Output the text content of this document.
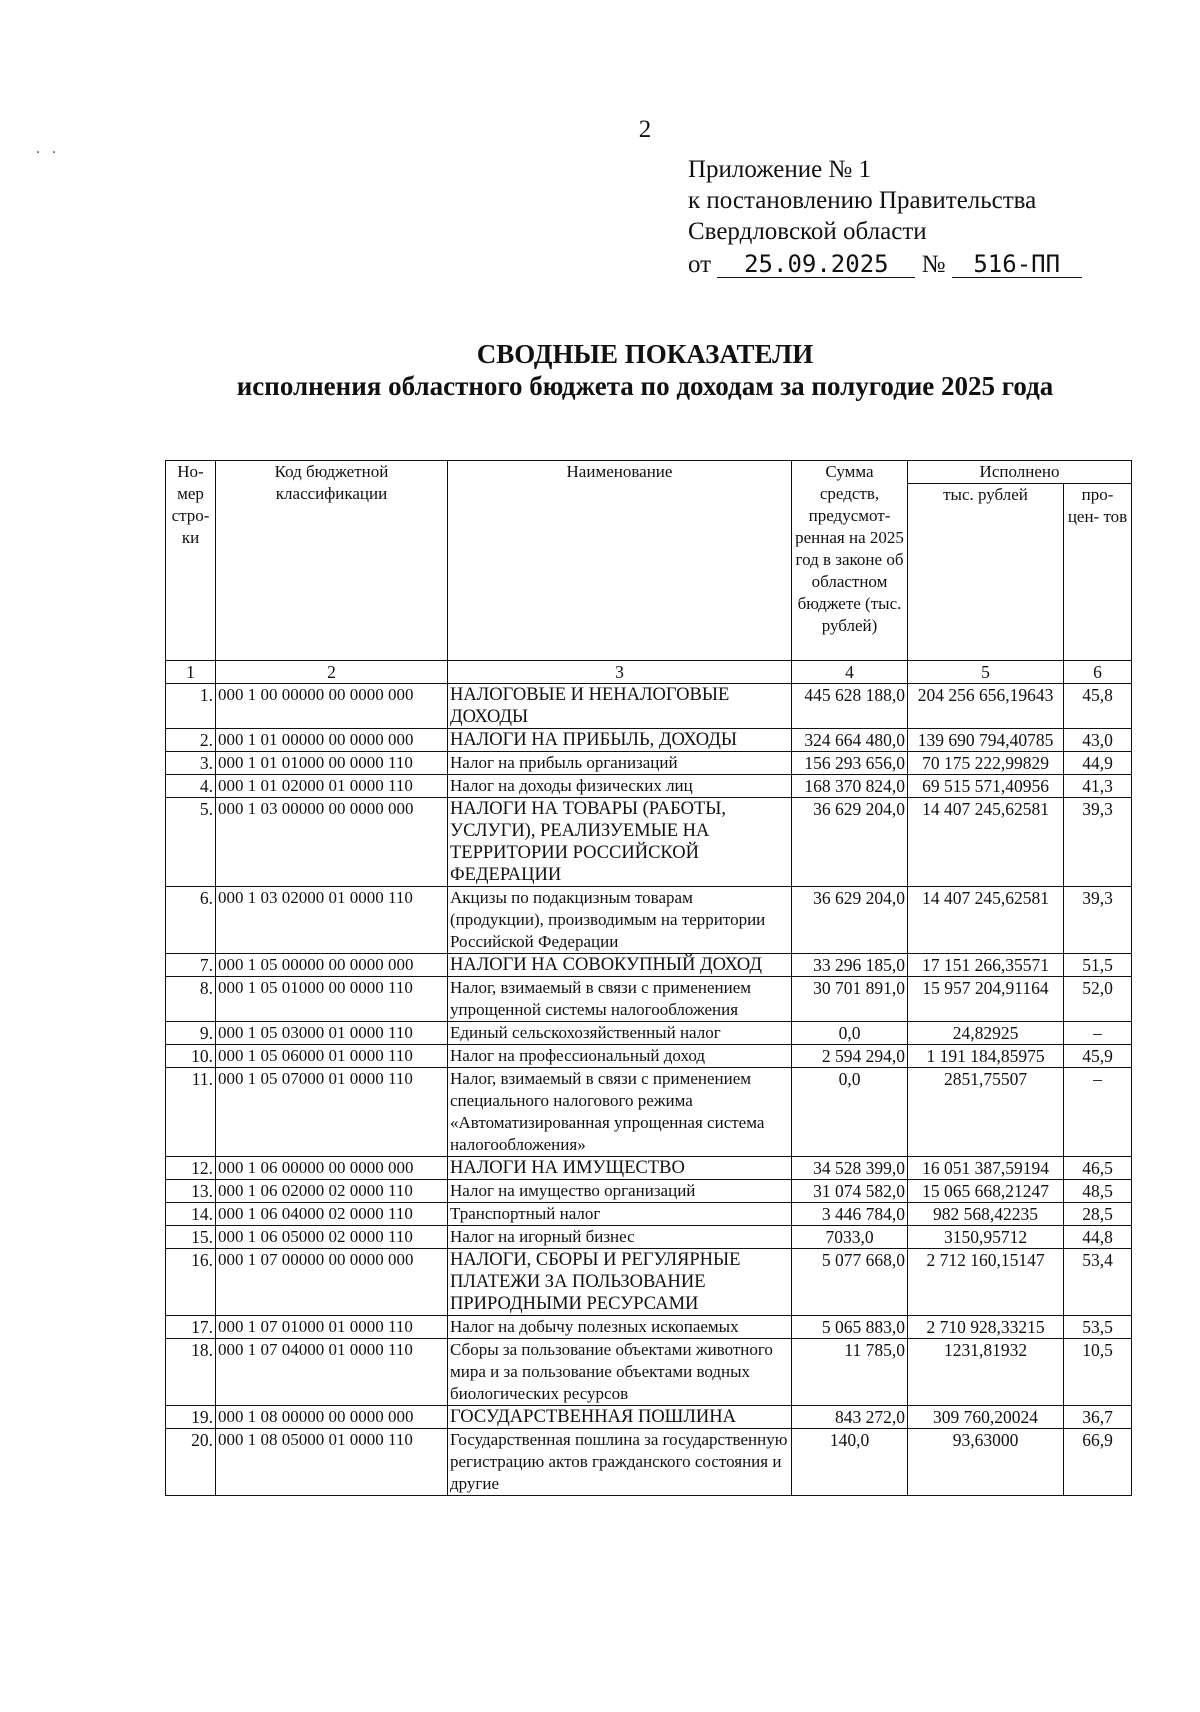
2
. .
Приложение № 1
к постановлению Правительства
Свердловской области
от 25.09.2025 № 516-ПП
СВОДНЫЕ ПОКАЗАТЕЛИ
исполнения областного бюджета по доходам за полугодие 2025 года
Но- мер стро- ки	Код бюджетной классификации	Наименование	Сумма средств, предусмот- ренная на 2025 год в законе об областном бюджете (тыс. рублей)	Исполнено	
				тыс. рублей	про- цен- тов
1	2	3	4	5	6
1.	000 1 00 00000 00 0000 000	НАЛОГОВЫЕ И НЕНАЛОГОВЫЕ ДОХОДЫ	445 628 188,0	204 256 656,19643	45,8
2.	000 1 01 00000 00 0000 000	НАЛОГИ НА ПРИБЫЛЬ, ДОХОДЫ	324 664 480,0	139 690 794,40785	43,0
3.	000 1 01 01000 00 0000 110	Налог на прибыль организаций	156 293 656,0	70 175 222,99829	44,9
4.	000 1 01 02000 01 0000 110	Налог на доходы физических лиц	168 370 824,0	69 515 571,40956	41,3
5.	000 1 03 00000 00 0000 000	НАЛОГИ НА ТОВАРЫ (РАБОТЫ, УСЛУГИ), РЕАЛИЗУЕМЫЕ НА ТЕРРИТОРИИ РОССИЙСКОЙ ФЕДЕРАЦИИ	36 629 204,0	14 407 245,62581	39,3
6.	000 1 03 02000 01 0000 110	Акцизы по подакцизным товарам (продукции), производимым на территории Российской Федерации	36 629 204,0	14 407 245,62581	39,3
7.	000 1 05 00000 00 0000 000	НАЛОГИ НА СОВОКУПНЫЙ ДОХОД	33 296 185,0	17 151 266,35571	51,5
8.	000 1 05 01000 00 0000 110	Налог, взимаемый в связи с применением упрощенной системы налогообложения	30 701 891,0	15 957 204,91164	52,0
9.	000 1 05 03000 01 0000 110	Единый сельскохозяйственный налог	0,0	24,82925	–
10.	000 1 05 06000 01 0000 110	Налог на профессиональный доход	2 594 294,0	1 191 184,85975	45,9
11.	000 1 05 07000 01 0000 110	Налог, взимаемый в связи с применением специального налогового режима «Автоматизированная упрощенная система налогообложения»	0,0	2851,75507	–
12.	000 1 06 00000 00 0000 000	НАЛОГИ НА ИМУЩЕСТВО	34 528 399,0	16 051 387,59194	46,5
13.	000 1 06 02000 02 0000 110	Налог на имущество организаций	31 074 582,0	15 065 668,21247	48,5
14.	000 1 06 04000 02 0000 110	Транспортный налог	3 446 784,0	982 568,42235	28,5
15.	000 1 06 05000 02 0000 110	Налог на игорный бизнес	7033,0	3150,95712	44,8
16.	000 1 07 00000 00 0000 000	НАЛОГИ, СБОРЫ И РЕГУЛЯРНЫЕ ПЛАТЕЖИ ЗА ПОЛЬЗОВАНИЕ ПРИРОДНЫМИ РЕСУРСАМИ	5 077 668,0	2 712 160,15147	53,4
17.	000 1 07 01000 01 0000 110	Налог на добычу полезных ископаемых	5 065 883,0	2 710 928,33215	53,5
18.	000 1 07 04000 01 0000 110	Сборы за пользование объектами животного мира и за пользование объектами водных биологических ресурсов	11 785,0	1231,81932	10,5
19.	000 1 08 00000 00 0000 000	ГОСУДАРСТВЕННАЯ ПОШЛИНА	843 272,0	309 760,20024	36,7
20.	000 1 08 05000 01 0000 110	Государственная пошлина за государственную регистрацию актов гражданского состояния и другие	140,0	93,63000	66,9
